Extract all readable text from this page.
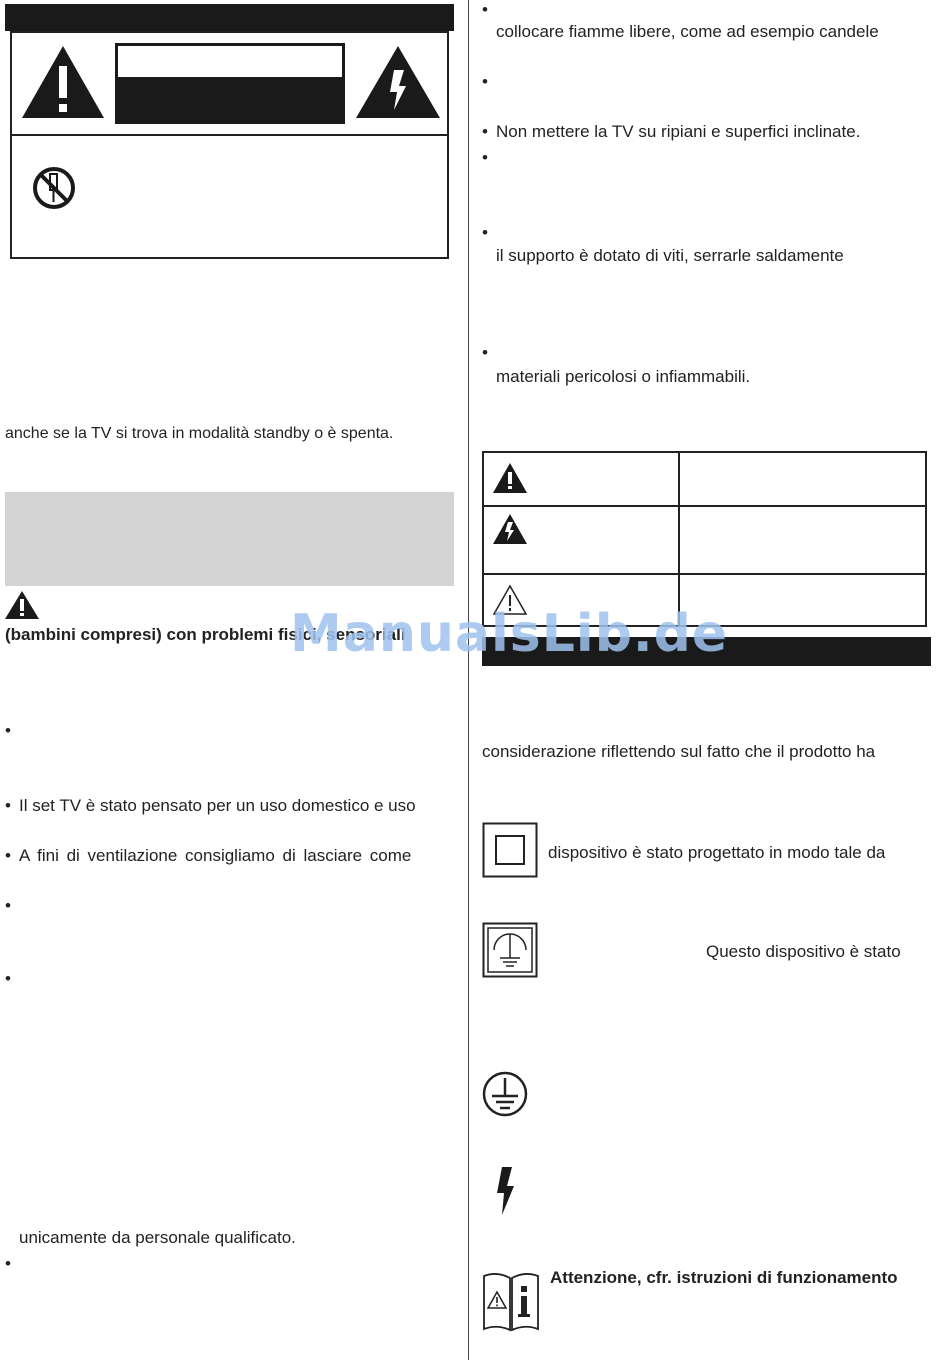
anche se la TV si trova in modalità standby o è spenta.
(bambini compresi) con problemi fisici, sensoriali
•
• Il set TV è stato pensato per un uso domestico e uso
• A fini di ventilazione consigliamo di lasciare come
•
•
unicamente da personale qualificato.
•
•
collocare fiamme libere, come ad esempio candele
•
• Non mettere la TV su ripiani e superfici inclinate.
•
•
il supporto è dotato di viti, serrarle saldamente
•
materiali pericolosi o infiammabili.
considerazione riflettendo sul fatto che il prodotto ha
dispositivo è stato progettato in modo tale da
Questo dispositivo è stato
Attenzione, cfr. istruzioni di funzionamento
ManualsLib.de
